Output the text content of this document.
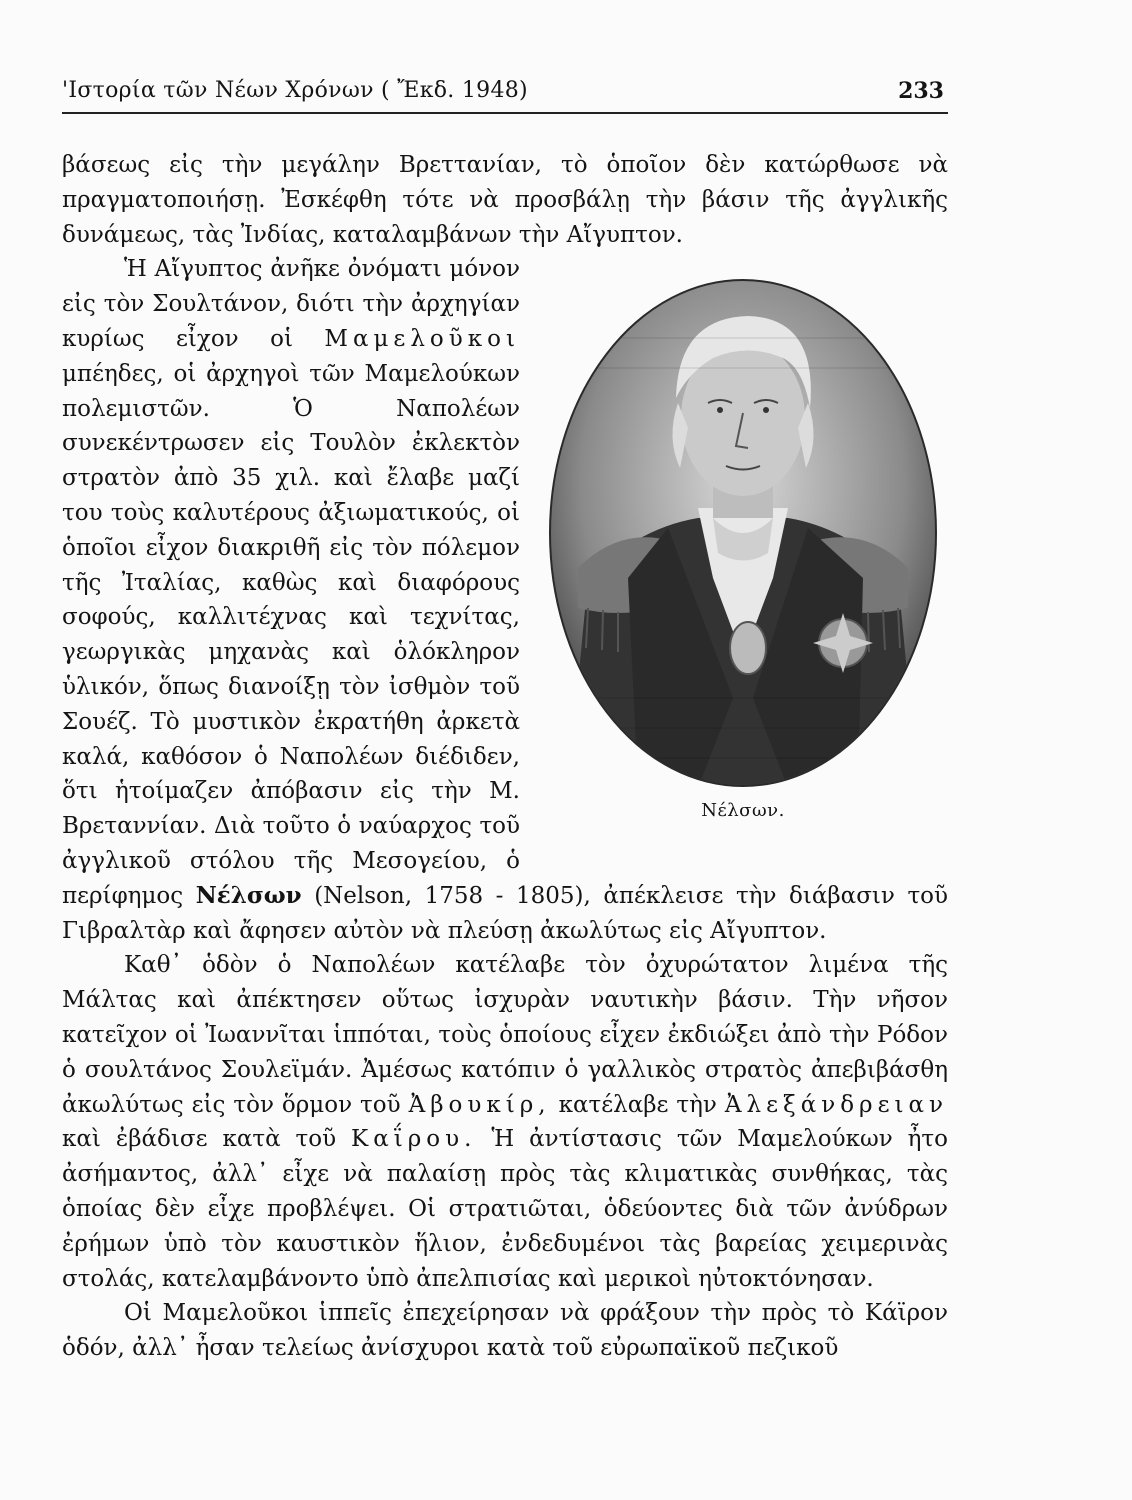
'Ιστορία τῶν Νέων Χρόνων ( Ἔκδ. 1948)	233

βάσεως εἰς τὴν μεγάλην Βρεττανίαν, τὸ ὁποῖον δὲν κατώρθωσε νὰ πραγματοποιήσῃ. Ἐσκέφθη τότε νὰ προσβάλῃ τὴν βάσιν τῆς ἀγγλικῆς δυνάμεως, τὰς Ἰνδίας, καταλαμβάνων τὴν Αἴγυπτον.

Νέλσων.

Ἡ Αἴγυπτος ἀνῆκε ὀνόματι μόνον εἰς τὸν Σουλτάνον, διότι τὴν ἀρχηγίαν κυρίως εἶχον οἱ Μαμελοῦκοι μπέηδες, οἱ ἀρχηγοὶ τῶν Μαμελούκων πολεμιστῶν. Ὁ Ναπολέων συνεκέντρωσεν εἰς Τουλὸν ἐκλεκτὸν στρατὸν ἀπὸ 35 χιλ. καὶ ἔλαβε μαζί του τοὺς καλυτέρους ἀξιωματικούς, οἱ ὁποῖοι εἶχον διακριθῆ εἰς τὸν πόλεμον τῆς Ἰταλίας, καθὼς καὶ διαφόρους σοφούς, καλλιτέχνας καὶ τεχνίτας, γεωργικὰς μηχανὰς καὶ ὁλόκληρον ὑλικόν, ὅπως διανοίξῃ τὸν ἰσθμὸν τοῦ Σουέζ. Τὸ μυστικὸν ἐκρατήθη ἀρκετὰ καλά, καθόσον ὁ Ναπολέων διέδιδεν, ὅτι ἡτοίμαζεν ἀπόβασιν εἰς τὴν Μ. Βρεταννίαν. Διὰ τοῦτο ὁ ναύαρχος τοῦ ἀγγλικοῦ στόλου τῆς Μεσογείου, ὁ περίφημος Νέλσων (Nelson, 1758 - 1805), ἀπέκλεισε τὴν διάβασιν τοῦ Γιβραλτὰρ καὶ ἄφησεν αὐτὸν νὰ πλεύσῃ ἀκωλύτως εἰς Αἴγυπτον.

Καθ᾽ ὁδὸν ὁ Ναπολέων κατέλαβε τὸν ὀχυρώτατον λιμένα τῆς Μάλτας καὶ ἀπέκτησεν οὕτως ἰσχυρὰν ναυτικὴν βάσιν. Τὴν νῆσον κατεῖχον οἱ Ἰωαννῖται ἱππόται, τοὺς ὁποίους εἶχεν ἐκδιώξει ἀπὸ τὴν Ρόδον ὁ σουλτάνος Σουλεϊμάν. Ἀμέσως κατόπιν ὁ γαλλικὸς στρατὸς ἀπεβιβάσθη ἀκωλύτως εἰς τὸν ὅρμον τοῦ Ἀβουκίρ, κατέλαβε τὴν Ἀλεξάνδρειαν καὶ ἐβάδισε κατὰ τοῦ Καΐρου. Ἡ ἀντίστασις τῶν Μαμελούκων ἦτο ἀσήμαντος, ἀλλ᾽ εἶχε νὰ παλαίσῃ πρὸς τὰς κλιματικὰς συνθήκας, τὰς ὁποίας δὲν εἶχε προβλέψει. Οἱ στρατιῶται, ὁδεύοντες διὰ τῶν ἀνύδρων ἐρήμων ὑπὸ τὸν καυστικὸν ἥλιον, ἐνδεδυμένοι τὰς βαρείας χειμερινὰς στολάς, κατελαμβάνοντο ὑπὸ ἀπελπισίας καὶ μερικοὶ ηὐτοκτόνησαν.

Οἱ Μαμελοῦκοι ἱππεῖς ἐπεχείρησαν νὰ φράξουν τὴν πρὸς τὸ Κάϊρον ὁδόν, ἀλλ᾽ ἦσαν τελείως ἀνίσχυροι κατὰ τοῦ εὐρωπαϊκοῦ πεζικοῦ
